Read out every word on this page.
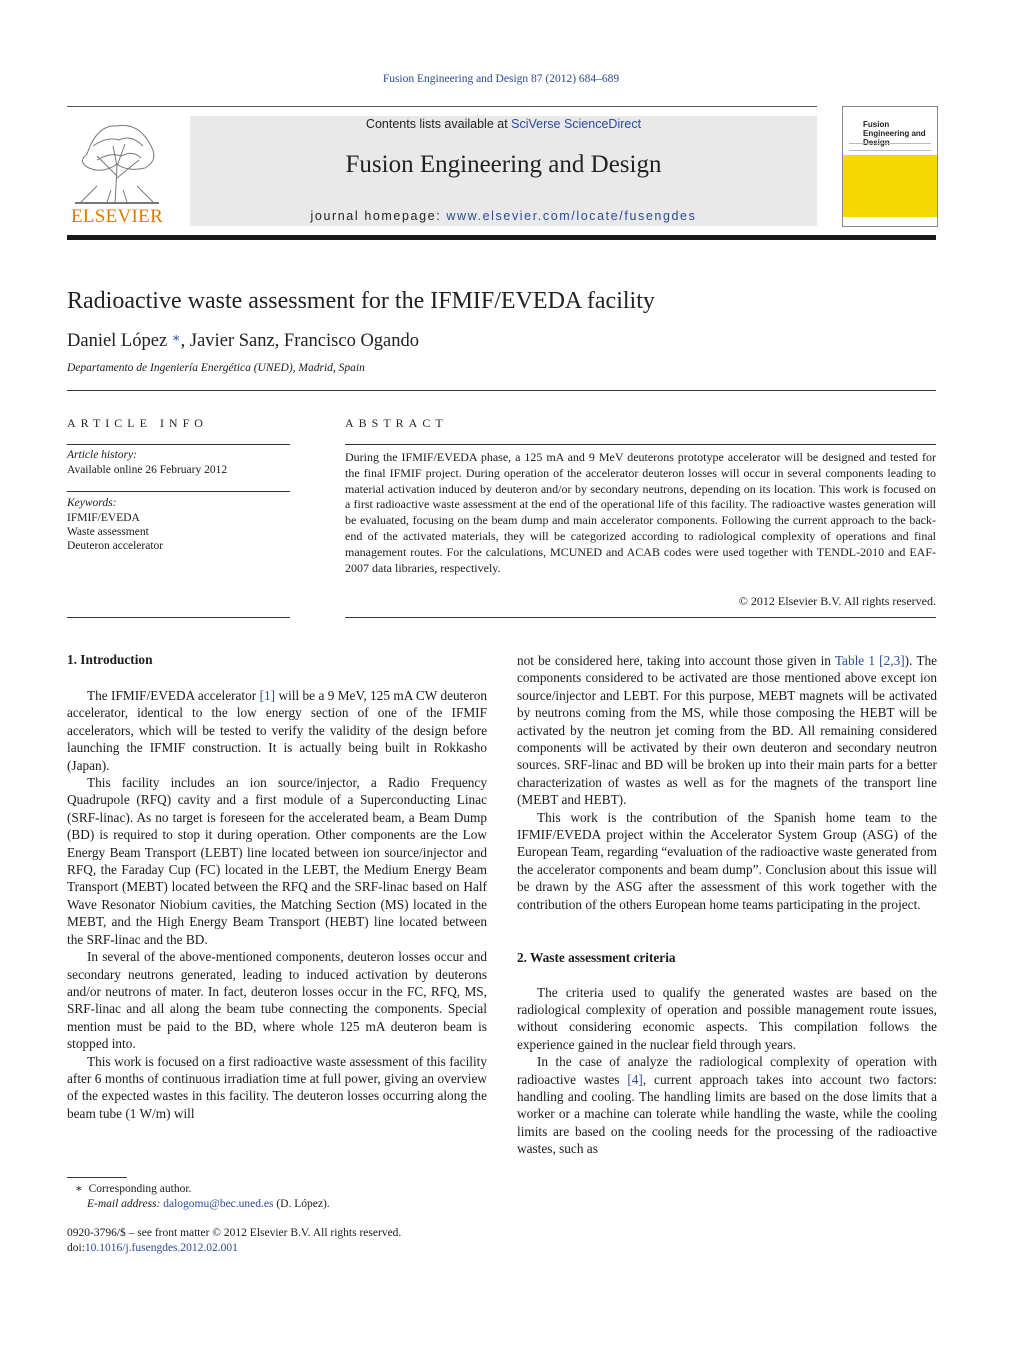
Fusion Engineering and Design 87 (2012) 684–689
ELSEVIER
Contents lists available at SciVerse ScienceDirect
Fusion Engineering and Design
journal homepage: www.elsevier.com/locate/fusengdes
Fusion Engineering and Design
Radioactive waste assessment for the IFMIF/EVEDA facility
Daniel López ∗, Javier Sanz, Francisco Ogando
Departamento de Ingeniería Energética (UNED), Madrid, Spain
ARTICLE INFO
Article history:
Available online 26 February 2012
Keywords:
IFMIF/EVEDA
Waste assessment
Deuteron accelerator
ABSTRACT
During the IFMIF/EVEDA phase, a 125 mA and 9 MeV deuterons prototype accelerator will be designed and tested for the final IFMIF project. During operation of the accelerator deuteron losses will occur in several components leading to material activation induced by deuteron and/or by secondary neutrons, depending on its location. This work is focused on a first radioactive waste assessment at the end of the operational life of this facility. The radioactive wastes generation will be evaluated, focusing on the beam dump and main accelerator components. Following the current approach to the back-end of the activated materials, they will be categorized according to radiological complexity of operations and final management routes. For the calculations, MCUNED and ACAB codes were used together with TENDL-2010 and EAF-2007 data libraries, respectively.
© 2012 Elsevier B.V. All rights reserved.
1. Introduction

The IFMIF/EVEDA accelerator [1] will be a 9 MeV, 125 mA CW deuteron accelerator, identical to the low energy section of one of the IFMIF accelerators, which will be tested to verify the validity of the design before launching the IFMIF construction. It is actually being built in Rokkasho (Japan).

This facility includes an ion source/injector, a Radio Frequency Quadrupole (RFQ) cavity and a first module of a Superconducting Linac (SRF-linac). As no target is foreseen for the accelerated beam, a Beam Dump (BD) is required to stop it during operation. Other components are the Low Energy Beam Transport (LEBT) line located between ion source/injector and RFQ, the Faraday Cup (FC) located in the LEBT, the Medium Energy Beam Transport (MEBT) located between the RFQ and the SRF-linac based on Half Wave Resonator Niobium cavities, the Matching Section (MS) located in the MEBT, and the High Energy Beam Transport (HEBT) line located between the SRF-linac and the BD.

In several of the above-mentioned components, deuteron losses occur and secondary neutrons generated, leading to induced activation by deuterons and/or neutrons of mater. In fact, deuteron losses occur in the FC, RFQ, MS, SRF-linac and all along the beam tube connecting the components. Special mention must be paid to the BD, where whole 125 mA deuteron beam is stopped into.

This work is focused on a first radioactive waste assessment of this facility after 6 months of continuous irradiation time at full power, giving an overview of the expected wastes in this facility. The deuteron losses occurring along the beam tube (1 W/m) will

not be considered here, taking into account those given in Table 1 [2,3]). The components considered to be activated are those mentioned above except ion source/injector and LEBT. For this purpose, MEBT magnets will be activated by neutrons coming from the MS, while those composing the HEBT will be activated by the neutron jet coming from the BD. All remaining considered components will be activated by their own deuteron and secondary neutron sources. SRF-linac and BD will be broken up into their main parts for a better characterization of wastes as well as for the magnets of the transport line (MEBT and HEBT).

This work is the contribution of the Spanish home team to the IFMIF/EVEDA project within the Accelerator System Group (ASG) of the European Team, regarding “evaluation of the radioactive waste generated from the accelerator components and beam dump”. Conclusion about this issue will be drawn by the ASG after the assessment of this work together with the contribution of the others European home teams participating in the project.

2. Waste assessment criteria

The criteria used to qualify the generated wastes are based on the radiological complexity of operation and possible management route issues, without considering economic aspects. This compilation follows the experience gained in the nuclear field through years.

In the case of analyze the radiological complexity of operation with radioactive wastes [4], current approach takes into account two factors: handling and cooling. The handling limits are based on the dose limits that a worker or a machine can tolerate while handling the waste, while the cooling limits are based on the cooling needs for the processing of the radioactive wastes, such as

∗ Corresponding author.
E-mail address: dalogomu@bec.uned.es (D. López).
0920-3796/$ – see front matter © 2012 Elsevier B.V. All rights reserved.
doi:10.1016/j.fusengdes.2012.02.001
